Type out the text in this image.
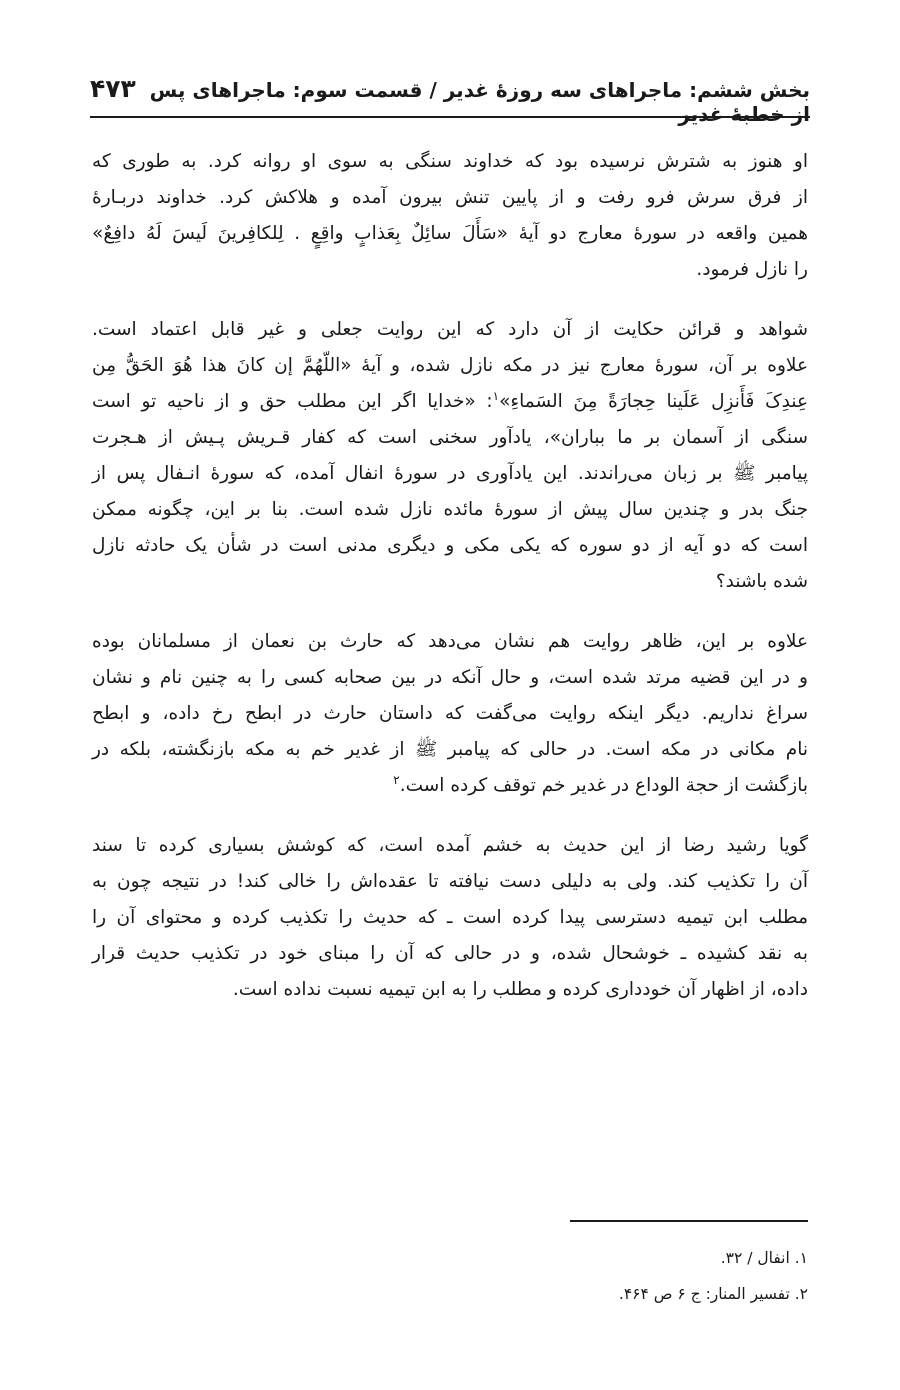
بخش ششم: ماجراهای سه روزهٔ غدیر / قسمت سوم: ماجراهای پس از خطبهٔ غدیر
۴۷۳

او هنوز به شترش نرسیده بود که خداوند سنگی به سوی او روانه کرد. به طوری که
از فرق سرش فرو رفت و از پایین تنش بیرون آمده و هلاکش کرد. خداوند دربـارهٔ
همین واقعه در سورهٔ معارج دو آیهٔ «سَأَلَ سائِلٌ بِعَذابٍ واقِعٍ . لِلکافِرینَ لَیسَ لَهُ دافِعٌ»
را نازل فرمود.

شواهد و قرائن حکایت از آن دارد که این روایت جعلی و غیر قابل اعتماد است.
علاوه بر آن، سورهٔ معارج نیز در مکه نازل شده، و آیهٔ «اللّهُمَّ إن کانَ هذا هُوَ الحَقُّ مِن
عِندِکَ فَأَنزِل عَلَینا حِجارَةً مِنَ السَماءِ»$^۱$: «خدایا اگر این مطلب حق و از ناحیه تو است
سنگی از آسمان بر ما بباران»، یادآور سخنی است که کفار قـریش پـیش از هـجرت
پیامبر ﷺ بر زبان می‌راندند. این یادآوری در سورهٔ انفال آمده، که سورهٔ انـفال پس از
جنگ بدر و چندین سال پیش از سورهٔ مائده نازل شده است. بنا بر این، چگونه ممکن
است که دو آیه از دو سوره که یکی مکی و دیگری مدنی است در شأن یک حادثه نازل
شده باشند؟

علاوه بر این، ظاهر روایت هم نشان می‌دهد که حارث بن نعمان از مسلمانان بوده
و در این قضیه مرتد شده است، و حال آنکه در بین صحابه کسی را به چنین نام و نشان
سراغ نداریم. دیگر اینکه روایت می‌گفت که داستان حارث در ابطح رخ داده، و ابطح
نام مکانی در مکه است. در حالی که پیامبر ﷺ از غدیر خم به مکه بازنگشته، بلکه در
بازگشت از حجة الوداع در غدیر خم توقف کرده است.$^۲$

گویا رشید رضا از این حدیث به خشم آمده است، که کوشش بسیاری کرده تا سند
آن را تکذیب کند. ولی به دلیلی دست نیافته تا عقده‌اش را خالی کند! در نتیجه چون به
مطلب ابن تیمیه دسترسی پیدا کرده است ـ که حدیث را تکذیب کرده و محتوای آن را
به نقد کشیده ـ خوشحال شده، و در حالی که آن را مبنای خود در تکذیب حدیث قرار
داده، از اظهار آن خودداری کرده و مطلب را به ابن تیمیه نسبت نداده است.

۱. انفال / ۳۲.
۲. تفسیر المنار: ج ۶ ص ۴۶۴.
